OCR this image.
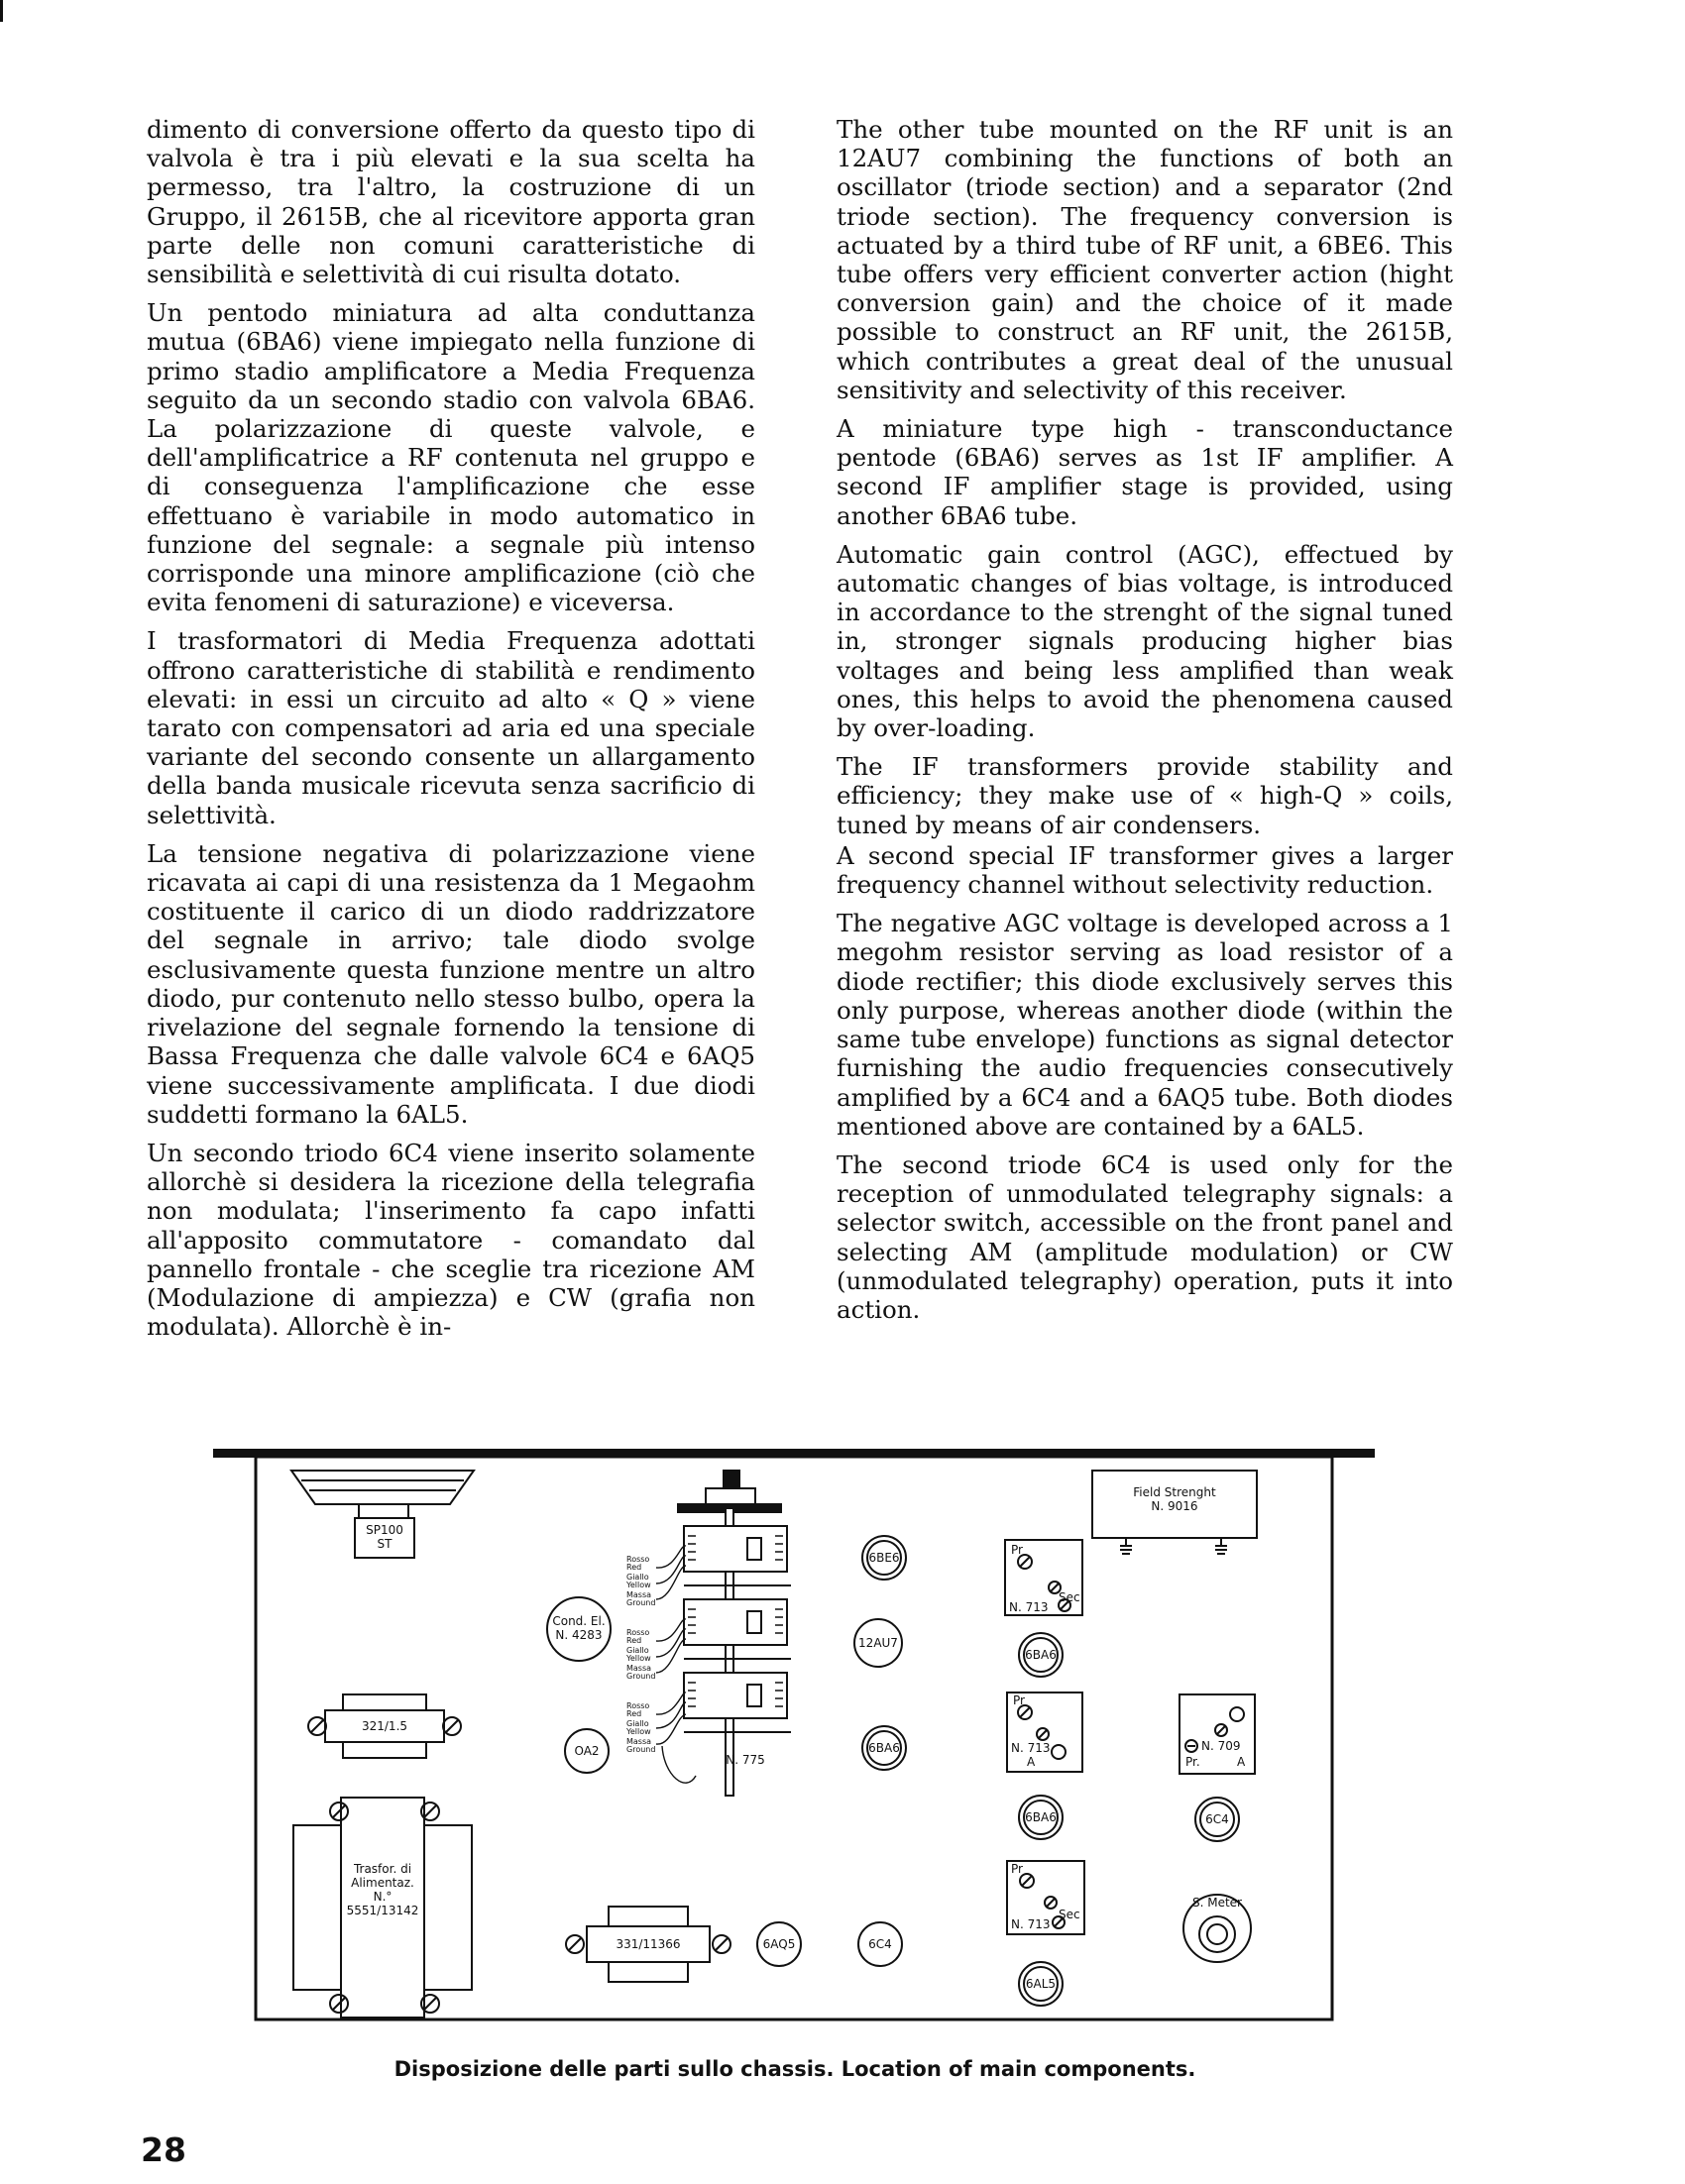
dimento di conversione offerto da questo tipo di valvola è tra i più elevati e la sua scelta ha permesso, tra l'altro, la costruzione di un Gruppo, il 2615B, che al ricevitore apporta gran parte delle non comuni caratteristiche di sensibilità e selettività di cui risulta dotato.

Un pentodo miniatura ad alta conduttanza mutua (6BA6) viene impiegato nella funzione di primo stadio amplificatore a Media Frequenza seguito da un secondo stadio con valvola 6BA6. La polarizzazione di queste valvole, e dell'amplificatrice a RF contenuta nel gruppo e di conseguenza l'amplificazione che esse effettuano è variabile in modo automatico in funzione del segnale: a segnale più intenso corrisponde una minore amplificazione (ciò che evita fenomeni di saturazione) e viceversa.

I trasformatori di Media Frequenza adottati offrono caratteristiche di stabilità e rendimento elevati: in essi un circuito ad alto « Q » viene tarato con compensatori ad aria ed una speciale variante del secondo consente un allargamento della banda musicale ricevuta senza sacrificio di selettività.

La tensione negativa di polarizzazione viene ricavata ai capi di una resistenza da 1 Megaohm costituente il carico di un diodo raddrizzatore del segnale in arrivo; tale diodo svolge esclusivamente questa funzione mentre un altro diodo, pur contenuto nello stesso bulbo, opera la rivelazione del segnale fornendo la tensione di Bassa Frequenza che dalle valvole 6C4 e 6AQ5 viene successivamente amplificata. I due diodi suddetti formano la 6AL5.

Un secondo triodo 6C4 viene inserito solamente allorchè si desidera la ricezione della telegrafia non modulata; l'inserimento fa capo infatti all'apposito commutatore - comandato dal pannello frontale - che sceglie tra ricezione AM (Modulazione di ampiezza) e CW (grafia non modulata). Allorchè è in-

The other tube mounted on the RF unit is an 12AU7 combining the functions of both an oscillator (triode section) and a separator (2nd triode section). The frequency conversion is actuated by a third tube of RF unit, a 6BE6. This tube offers very efficient converter action (hight conversion gain) and the choice of it made possible to construct an RF unit, the 2615B, which contributes a great deal of the unusual sensitivity and selectivity of this receiver.

A miniature type high - transconductance pentode (6BA6) serves as 1st IF amplifier. A second IF amplifier stage is provided, using another 6BA6 tube.

Automatic gain control (AGC), effectued by automatic changes of bias voltage, is introduced in accordance to the strenght of the signal tuned in, stronger signals producing higher bias voltages and being less amplified than weak ones, this helps to avoid the phenomena caused by over-loading.

The IF transformers provide stability and efficiency; they make use of « high-Q » coils, tuned by means of air condensers.

A second special IF transformer gives a larger frequency channel without selectivity reduction.

The negative AGC voltage is developed across a 1 megohm resistor serving as load resistor of a diode rectifier; this diode exclusively serves this only purpose, whereas another diode (within the same tube envelope) functions as signal detector furnishing the audio frequencies consecutively amplified by a 6C4 and a 6AQ5 tube. Both diodes mentioned above are contained by a 6AL5.

The second triode 6C4 is used only for the reception of unmodulated telegraphy signals: a selector switch, accessible on the front panel and selecting AM (amplitude modulation) or CW (unmodulated telegraphy) operation, puts it into action.

SP100
ST
Cond. El.
N. 4283
321/1.5
OA2
Trasfor. di
Alimentaz.
N.°
5551/13142
331/11366	6AQ5	6C4
N. 775
Rosso
Red
Giallo
Yellow
Massa
Ground
Rosso
Red
Giallo
Yellow
Massa
Ground
Rosso
Red
Giallo
Yellow
Massa
Ground
6BE6
12AU7
6BA6
Pr
Sec
N. 713
6BA6
Pr
N. 713
A
6BA6
Pr
Sec
N. 713
6AL5
Field Strenght
N. 9016
N. 709
Pr.	A
6C4
S. Meter
Disposizione delle parti sullo chassis. Location of main components.
28
